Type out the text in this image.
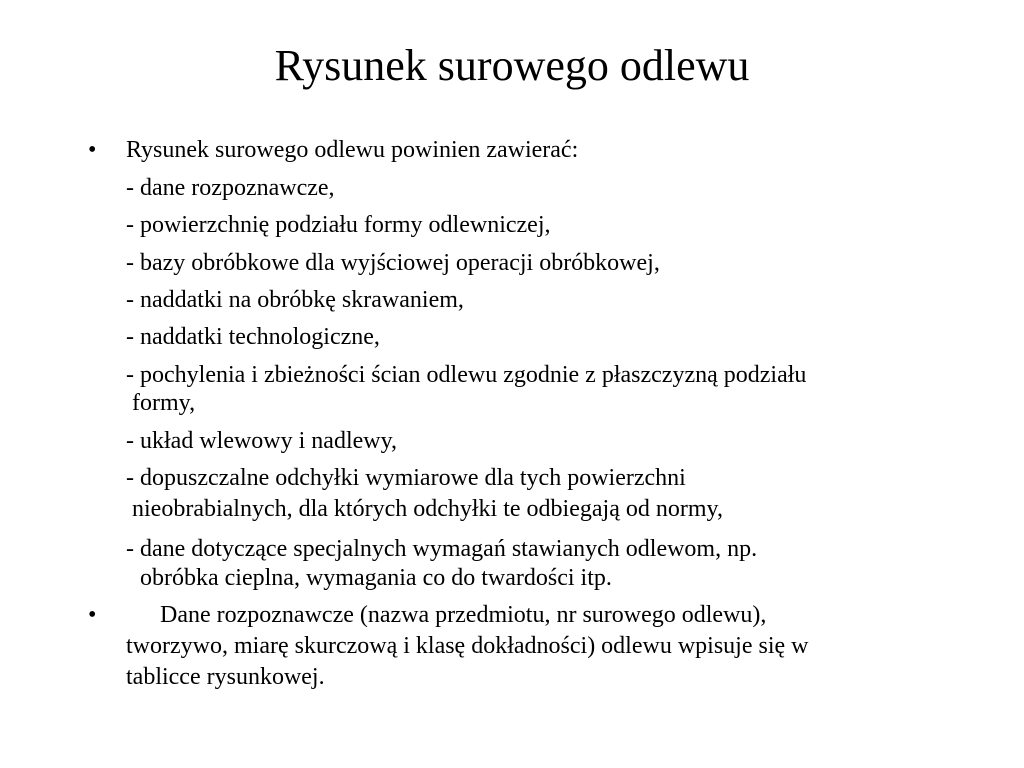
Rysunek surowego odlewu
• Rysunek surowego odlewu powinien zawierać:
- dane rozpoznawcze,
- powierzchnię podziału formy odlewniczej,
- bazy obróbkowe dla wyjściowej operacji obróbkowej,
- naddatki na obróbkę skrawaniem,
- naddatki technologiczne,
- pochylenia i zbieżności ścian odlewu zgodnie z płaszczyzną podziału
formy,
- układ wlewowy i nadlewy,
- dopuszczalne odchyłki wymiarowe dla tych powierzchni
nieobrabialnych, dla których odchyłki te odbiegają od normy,
- dane dotyczące specjalnych wymagań stawianych odlewom, np.
obróbka cieplna, wymagania co do twardości itp.
•	Dane rozpoznawcze (nazwa przedmiotu, nr surowego odlewu),
tworzywo, miarę skurczową i klasę dokładności) odlewu wpisuje się w
tablicce rysunkowej.
